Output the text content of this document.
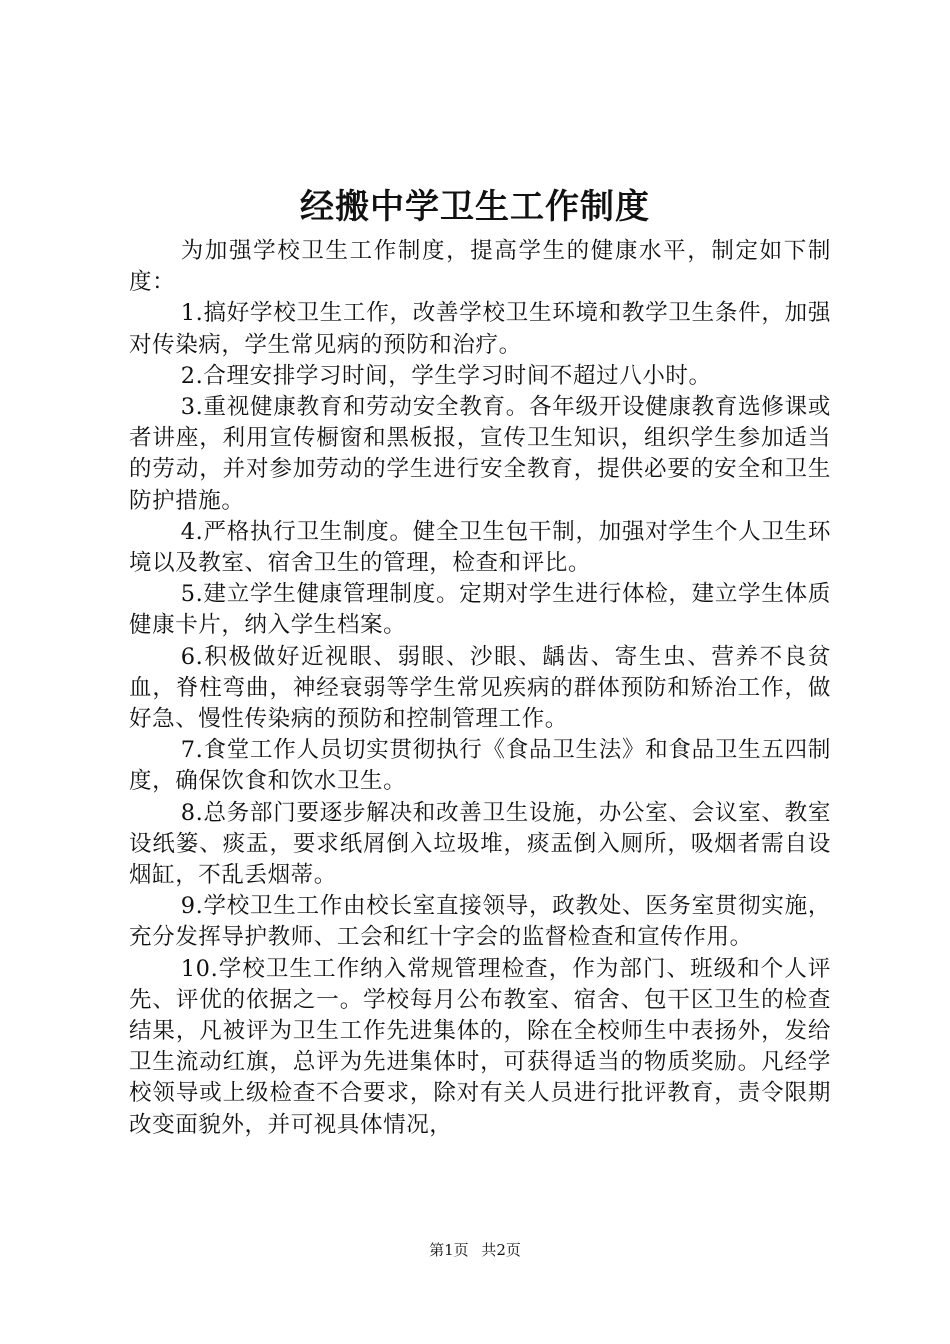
经搬中学卫生工作制度

为加强学校卫生工作制度，提高学生的健康水平，制定如下制度：

1.搞好学校卫生工作，改善学校卫生环境和教学卫生条件，加强对传染病，学生常见病的预防和治疗。

2.合理安排学习时间，学生学习时间不超过八小时。

3.重视健康教育和劳动安全教育。各年级开设健康教育选修课或者讲座，利用宣传橱窗和黑板报，宣传卫生知识，组织学生参加适当的劳动，并对参加劳动的学生进行安全教育，提供必要的安全和卫生防护措施。

4.严格执行卫生制度。健全卫生包干制，加强对学生个人卫生环境以及教室、宿舍卫生的管理，检查和评比。

5.建立学生健康管理制度。定期对学生进行体检，建立学生体质健康卡片，纳入学生档案。

6.积极做好近视眼、弱眼、沙眼、龋齿、寄生虫、营养不良贫血，脊柱弯曲，神经衰弱等学生常见疾病的群体预防和矫治工作，做好急、慢性传染病的预防和控制管理工作。

7.食堂工作人员切实贯彻执行《食品卫生法》和食品卫生五四制度，确保饮食和饮水卫生。

8.总务部门要逐步解决和改善卫生设施，办公室、会议室、教室设纸篓、痰盂，要求纸屑倒入垃圾堆，痰盂倒入厕所，吸烟者需自设烟缸，不乱丢烟蒂。

9.学校卫生工作由校长室直接领导，政教处、医务室贯彻实施，充分发挥导护教师、工会和红十字会的监督检查和宣传作用。

10.学校卫生工作纳入常规管理检查，作为部门、班级和个人评先、评优的依据之一。学校每月公布教室、宿舍、包干区卫生的检查结果，凡被评为卫生工作先进集体的，除在全校师生中表扬外，发给卫生流动红旗，总评为先进集体时，可获得适当的物质奖励。凡经学校领导或上级检查不合要求，除对有关人员进行批评教育，责令限期改变面貌外，并可视具体情况，

第1页 共2页
